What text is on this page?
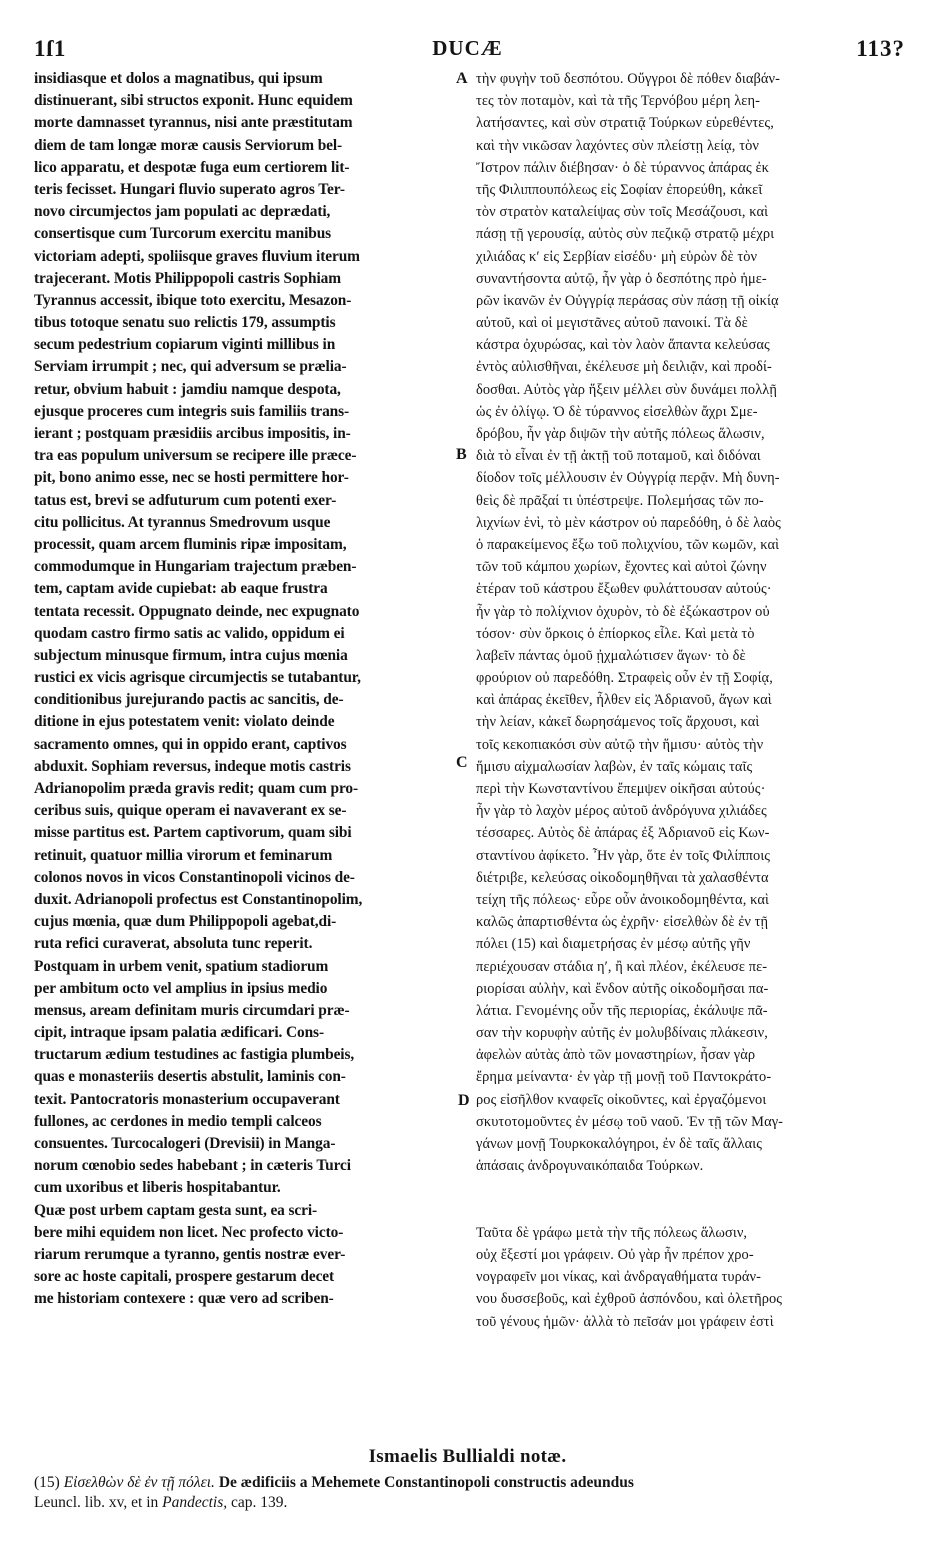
1ſ1	DUCÆ	113?
insidiasque et dolos a magnatibus, qui ipsum
distinuerant, sibi structos exponit. Hunc equidem
morte damnasset tyrannus, nisi ante præstitutam
diem de tam longæ moræ causis Serviorum bel-
lico apparatu, et despotæ fuga eum certiorem lit-
teris fecisset. Hungari fluvio superato agros Ter-
novo circumjectos jam populati ac deprædati,
consertisque cum Turcorum exercitu manibus
victoriam adepti, spoliisque graves fluvium iterum
trajecerant. Motis Philippopoli castris Sophiam
Tyrannus accessit, ibique toto exercitu, Mesazon-
tibus totoque senatu suo relictis 179, assumptis
secum pedestrium copiarum viginti millibus in
Serviam irrumpit ; nec, qui adversum se prælia-
retur, obvium habuit : jamdiu namque despota,
ejusque proceres cum integris suis familiis trans-
ierant ; postquam præsidiis arcibus impositis, in-
tra eas populum universum se recipere ille præce-
pit, bono animo esse, nec se hosti permittere hor-
tatus est, brevi se adfuturum cum potenti exer-
citu pollicitus. At tyrannus Smedrovum usque
processit, quam arcem fluminis ripæ impositam,
commodumque in Hungariam trajectum præben-
tem, captam avide cupiebat: ab eaque frustra
tentata recessit. Oppugnato deinde, nec expugnato
quodam castro firmo satis ac valido, oppidum ei
subjectum minusque firmum, intra cujus mœnia
rustici ex vicis agrisque circumjectis se tutabantur,
conditionibus jurejurando pactis ac sancitis, de-
ditione in ejus potestatem venit: violato deinde
sacramento omnes, qui in oppido erant, captivos
abduxit. Sophiam reversus, indeque motis castris
Adrianopolim præda gravis redit; quam cum pro-
ceribus suis, quique operam ei navaverant ex se-
misse partitus est. Partem captivorum, quam sibi
retinuit, quatuor millia virorum et feminarum
colonos novos in vicos Constantinopoli vicinos de-
duxit. Adrianopoli profectus est Constantinopolim,
cujus mœnia, quæ dum Philippopoli agebat,di-
ruta refici curaverat, absoluta tunc reperit.
Postquam in urbem venit, spatium stadiorum
per ambitum octo vel amplius in ipsius medio
mensus, aream definitam muris circumdari præ-
cipit, intraque ipsam palatia ædificari. Cons-
tructarum ædium testudines ac fastigia plumbeis,
quas e monasteriis desertis abstulit, laminis con-
texit. Pantocratoris monasterium occupaverant
fullones, ac cerdones in medio templi calceos
consuentes. Turcocalogeri (Drevisii) in Manga-
norum cœnobio sedes habebant ; in cæteris Turci
cum uxoribus et liberis hospitabantur.
Quæ post urbem captam gesta sunt, ea scri-
bere mihi equidem non licet. Nec profecto victo-
riarum rerumque a tyranno, gentis nostræ ever-
sore ac hoste capitali, prospere gestarum decet
me historiam contexere : quæ vero ad scriben-
τὴν φυγὴν τοῦ δεσπότου. Οὔγγροι δὲ πόθεν διαβάν-
τες τὸν ποταμὸν, καὶ τὰ τῆς Τερνόβου μέρη λεη-
λατήσαντες, καὶ σὺν στρατιᾷ Τούρκων εὑρεθέντες,
καὶ τὴν νικῶσαν λαχόντες σὺν πλείστῃ λείᾳ, τὸν
Ἴστρον πάλιν διέβησαν· ὁ δὲ τύραννος ἀπάρας ἐκ
τῆς Φιλιππουπόλεως εἰς Σοφίαν ἐπορεύθη, κἀκεῖ
τὸν στρατὸν καταλείψας σὺν τοῖς Μεσάζουσι, καὶ
πάσῃ τῇ γερουσίᾳ, αὐτὸς σὺν πεζικῷ στρατῷ μέχρι
χιλιάδας κʹ εἰς Σερβίαν εἰσέδυ· μὴ εὑρὼν δὲ τὸν
συναντήσοντα αὐτῷ, ἦν γὰρ ὁ δεσπότης πρὸ ἡμε-
ρῶν ἱκανῶν ἐν Οὐγγρίᾳ περάσας σὺν πάσῃ τῇ οἰκίᾳ
αὐτοῦ, καὶ οἱ μεγιστᾶνες αὐτοῦ πανοικί. Τὰ δὲ
κάστρα ὀχυρώσας, καὶ τὸν λαὸν ἅπαντα κελεύσας
ἐντὸς αὐλισθῆναι, ἐκέλευσε μὴ δειλιᾷν, καὶ προδί-
δοσθαι. Αὐτὸς γὰρ ἥξειν μέλλει σὺν δυνάμει πολλῇ
ὡς ἐν ὀλίγῳ. Ὁ δὲ τύραννος εἰσελθὼν ἄχρι Σμε-
δρόβου, ἦν γὰρ διψῶν τὴν αὐτῆς πόλεως ἅλωσιν,
διὰ τὸ εἶναι ἐν τῇ ἀκτῇ τοῦ ποταμοῦ, καὶ διδόναι
δίοδον τοῖς μέλλουσιν ἐν Οὐγγρίᾳ περᾷν. Μὴ δυνη-
θεὶς δὲ πρᾶξαί τι ὑπέστρεψε. Πολεμήσας τῶν πο-
λιχνίων ἑνὶ, τὸ μὲν κάστρον οὐ παρεδόθη, ὁ δὲ λαὸς
ὁ παρακείμενος ἔξω τοῦ πολιχνίου, τῶν κωμῶν, καὶ
τῶν τοῦ κάμπου χωρίων, ἔχοντες καὶ αὐτοὶ ζώνην
ἑτέραν τοῦ κάστρου ἔξωθεν φυλάττουσαν αὐτούς·
ἦν γὰρ τὸ πολίχνιον ὀχυρὸν, τὸ δὲ ἐξώκαστρον οὐ
τόσον· σὺν ὅρκοις ὁ ἐπίορκος εἷλε. Καὶ μετὰ τὸ
λαβεῖν πάντας ὁμοῦ ᾐχμαλώτισεν ἄγων· τὸ δὲ
φρούριον οὐ παρεδόθη. Στραφεὶς οὖν ἐν τῇ Σοφίᾳ,
καὶ ἀπάρας ἐκεῖθεν, ἦλθεν εἰς Ἀδριανοῦ, ἄγων καὶ
τὴν λείαν, κἀκεῖ δωρησάμενος τοῖς ἄρχουσι, καὶ
τοῖς κεκοπιακόσι σὺν αὐτῷ τὴν ἥμισυ· αὐτὸς τὴν
ἥμισυ αἰχμαλωσίαν λαβὼν, ἐν ταῖς κώμαις ταῖς
περὶ τὴν Κωνσταντίνου ἔπεμψεν οἰκῆσαι αὐτούς·
ἦν γὰρ τὸ λαχὸν μέρος αὐτοῦ ἀνδρόγυνα χιλιάδες
τέσσαρες. Αὐτὸς δὲ ἀπάρας ἐξ Ἀδριανοῦ εἰς Κων-
σταντίνου ἀφίκετο. Ἦν γὰρ, ὅτε ἐν τοῖς Φιλίπποις
διέτριβε, κελεύσας οἰκοδομηθῆναι τὰ χαλασθέντα
τείχη τῆς πόλεως· εὗρε οὖν ἀνοικοδομηθέντα, καὶ
καλῶς ἀπαρτισθέντα ὡς ἐχρῆν· εἰσελθὼν δὲ ἐν τῇ
πόλει (15) καὶ διαμετρήσας ἐν μέσῳ αὐτῆς γῆν
περιέχουσαν στάδια ηʹ, ἢ καὶ πλέον, ἐκέλευσε πε-
ριορίσαι αὐλὴν, καὶ ἔνδον αὐτῆς οἰκοδομῆσαι πα-
λάτια. Γενομένης οὖν τῆς περιορίας, ἐκάλυψε πᾶ-
σαν τὴν κορυφὴν αὐτῆς ἐν μολυβδίναις πλάκεσιν,
ἀφελὼν αὐτὰς ἀπὸ τῶν μοναστηρίων, ἦσαν γὰρ
ἔρημα μείναντα· ἐν γὰρ τῇ μονῇ τοῦ Παντοκράτο-
ρος εἰσῆλθον κναφεῖς οἰκοῦντες, καὶ ἐργαζόμενοι
σκυτοτομοῦντες ἐν μέσῳ τοῦ ναοῦ. Ἐν τῇ τῶν Μαγ-
γάνων μονῇ Τουρκοκαλόγηροι, ἐν δὲ ταῖς ἄλλαις
ἁπάσαις ἀνδρογυναικόπαιδα Τούρκων.
Ταῦτα δὲ γράφω μετὰ τὴν τῆς πόλεως ἅλωσιν,
οὐχ ἔξεστί μοι γράφειν. Οὐ γὰρ ἦν πρέπον χρο-
νογραφεῖν μοι νίκας, καὶ ἀνδραγαθήματα τυράν-
νου δυσσεβοῦς, καὶ ἐχθροῦ ἀσπόνδου, καὶ ὀλετῆρος
τοῦ γένους ἡμῶν· ἀλλὰ τὸ πεῖσάν μοι γράφειν ἐστὶ
A
B
C
D
Ismaelis Bullialdi notæ.
(15) Εἰσελθὼν δὲ ἐν τῇ πόλει. De ædificiis a Mehemete Constantinopoli constructis adeundus
Leuncl. lib. xv, et in Pandectis, cap. 139.
